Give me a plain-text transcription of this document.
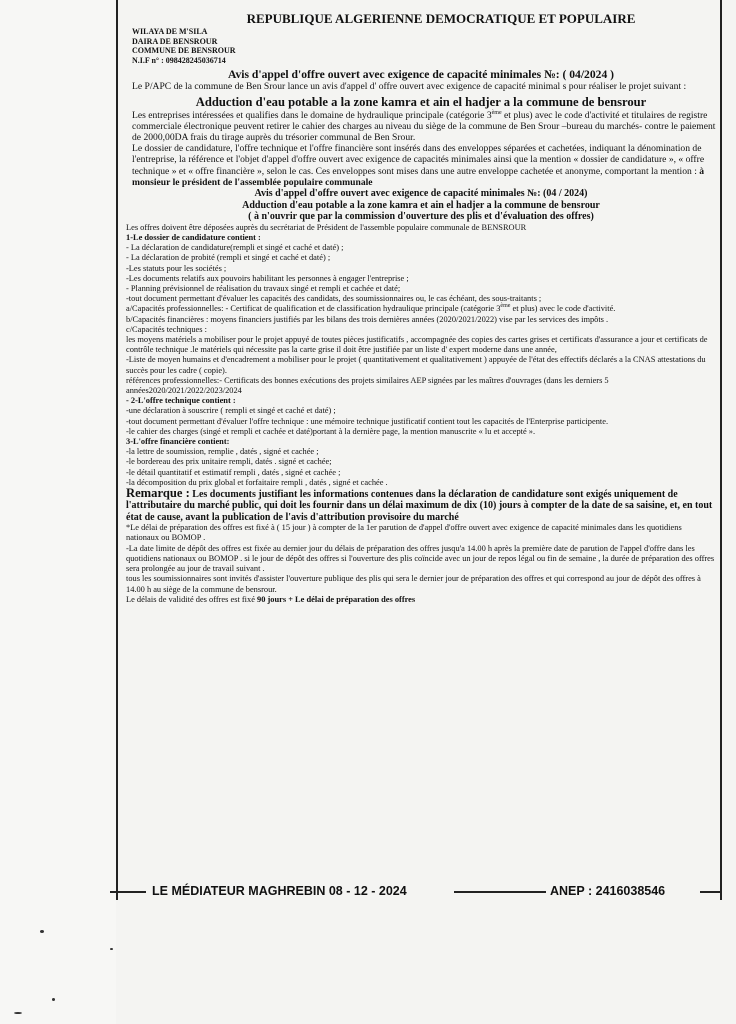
REPUBLIQUE ALGERIENNE DEMOCRATIQUE ET POPULAIRE
WILAYA DE M'SILA
DAIRA DE BENSROUR
COMMUNE DE BENSROUR
N.I.F n° : 098428245036714
Avis d'appel d'offre ouvert avec exigence de capacité minimales №: ( 04/2024 )

Le P/APC de la commune de Ben Srour lance un avis d'appel d' offre ouvert avec exigence de capacité minimal s pour réaliser le projet suivant :

Adduction d'eau potable a la zone kamra et ain el hadjer a la commune de bensrour

Les entreprises intéressées et qualifies dans le domaine de hydraulique principale (catégorie 3ème et plus) avec le code d'activité et titulaires de registre commerciale électronique peuvent retirer le cahier des charges au niveau du siège de la commune de Ben Srour –bureau du marchés- contre le paiement de 2000,00DA frais du tirage auprès du trésorier communal de Ben Srour.

Le dossier de candidature, l'offre technique et l'offre financière sont insérés dans des enveloppes séparées et cachetées, indiquant la dénomination de l'entreprise, la référence et l'objet d'appel d'offre ouvert avec exigence de capacités minimales ainsi que la mention « dossier de candidature », « offre technique » et « offre financière », selon le cas. Ces enveloppes sont mises dans une autre enveloppe cachetée et anonyme, comportant la mention : à monsieur le président de l'assemblée populaire communale

Avis d'appel d'offre ouvert avec exigence de capacité minimales №: (04 / 2024)
Adduction d'eau potable a la zone kamra et ain el hadjer a la commune de bensrour
( à n'ouvrir que par la commission d'ouverture des plis et d'évaluation des offres)
Les offres doivent être déposées auprès du secrétariat de Président de l'assemble populaire communale de BENSROUR
1-Le dossier de candidature contient :
- La déclaration de candidature(rempli et singé et caché et daté) ;
- La déclaration de probité (rempli et singé et caché et daté) ;
-Les statuts pour les sociétés ;
-Les documents relatifs aux pouvoirs habilitant les personnes à engager l'entreprise ;
- Planning prévisionnel de réalisation du travaux singé et rempli et cachée et daté;
-tout document permettant d'évaluer les capacités des candidats, des soumissionnaires ou, le cas échéant, des sous-traitants ;
a/Capacités professionnelles: - Certificat de qualification et de classification hydraulique principale (catégorie 3ème et plus) avec le code d'activité.
b/Capacités financières : moyens financiers justifiés par les bilans des trois dernières années (2020/2021/2022) vise par les services des impôts .
c/Capacités techniques :
les moyens matériels a mobiliser pour le projet appuyé de toutes pièces justificatifs , accompagnée des copies des cartes grises et certificats d'assurance a jour et certificats de contrôle technique .le matériels qui nécessite pas la carte grise il doit être justifiée par un liste d' expert moderne dans une année,
-Liste de moyen humains et d'encadrement a mobiliser pour le projet ( quantitativement et qualitativement ) appuyée de l'état des effectifs déclarés a la CNAS attestations du succès pour les cadre ( copie).
références professionnelles:- Certificats des bonnes exécutions des projets similaires AEP signées par les maîtres d'ouvrages (dans les derniers 5 années2020/2021/2022/2023/2024
- 2-L'offre technique contient :
-une déclaration à souscrire ( rempli et singé et caché et daté) ;
-tout document permettant d'évaluer l'offre technique : une mémoire technique justificatif contient tout les capacités de l'Enterprise participente.
-le cahier des charges (singé et rempli et cachée et daté)portant à la dernière page, la mention manuscrite « lu et accepté ».
3-L'offre financière contient:
-la lettre de soumission, remplie , datés , signé et cachée ;
-le bordereau des prix unitaire rempli, datés . signé et cachée;
-le détail quantitatif et estimatif rempli , datés , signé et cachée ;
-la décomposition du prix global et forfaitaire rempli , datés , signé et cachée .
Remarque : Les documents justifiant les informations contenues dans la déclaration de candidature sont exigés uniquement de l'attributaire du marché public, qui doit les fournir dans un délai maximum de dix (10) jours à compter de la date de sa saisine, et, en tout état de cause, avant la publication de l'avis d'attribution provisoire du marché
*Le délai de préparation des offres est fixé à ( 15 jour ) à compter de la 1er parution de d'appel d'offre ouvert avec exigence de capacité minimales dans les quotidiens nationaux ou BOMOP .
-La date limite de dépôt des offres est fixée au dernier jour du délais de préparation des offres jusqu'a 14.00 h après la première date de parution de l'appel d'offre dans les quotidiens nationaux ou BOMOP . si le jour de dépôt des offres si l'ouverture des plis coïncide avec un jour de repos légal ou fin de semaine , la durée de préparation des offres sera prolongée au jour de travail suivant .
tous les soumissionnaires sont invités d'assister l'ouverture publique des plis qui sera le dernier jour de préparation des offres et qui correspond au jour de dépôt des offres à 14.00 h au siège de la commune de bensrour.
Le délais de validité des offres est fixé 90 jours + Le délai de préparation des offres
LE MÉDIATEUR MAGHREBIN 08 - 12 - 2024	ANEP : 2416038546
